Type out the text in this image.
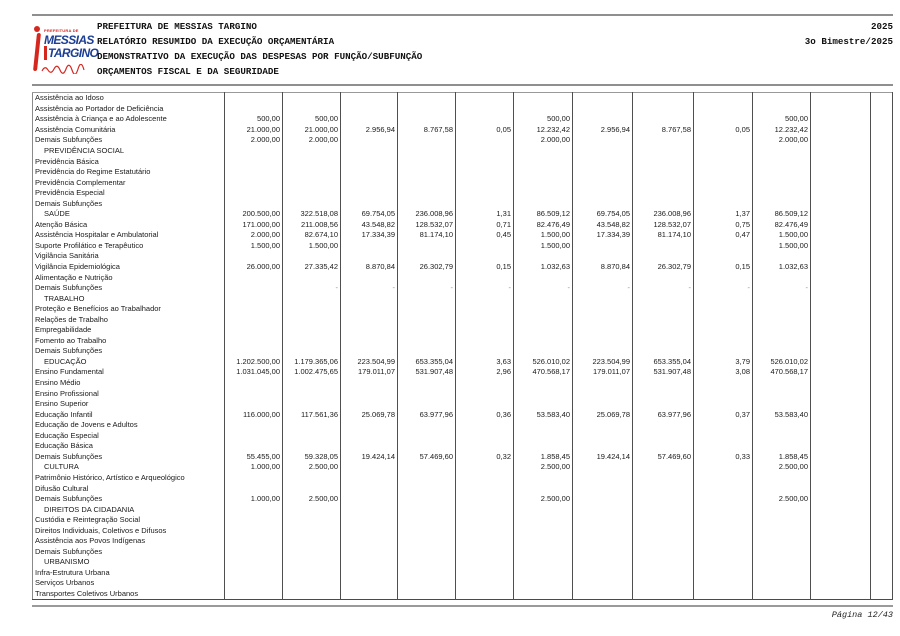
PREFEITURA DE
MESSIAS
TARGINO
PREFEITURA DE MESSIAS TARGINO
RELATÓRIO RESUMIDO DA EXECUÇÃO ORÇAMENTÁRIA
DEMONSTRATIVO DA EXECUÇÃO DAS DESPESAS POR FUNÇÃO/SUBFUNÇÃO
ORÇAMENTOS FISCAL E DA SEGURIDADE
2025
3o Bimestre/2025
Assistência ao Idoso												
Assistência ao Portador de Deficiência												
Assistência à Criança e ao Adolescente	500,00	500,00				500,00				500,00		
Assistência Comunitária	21.000,00	21.000,00	2.956,94	8.767,58	0,05	12.232,42	2.956,94	8.767,58	0,05	12.232,42		
Demais Subfunções	2.000,00	2.000,00				2.000,00				2.000,00		
PREVIDÊNCIA SOCIAL												
Previdência Básica												
Previdência do Regime Estatutário												
Previdência Complementar												
Previdência Especial												
Demais Subfunções												
SAÚDE	200.500,00	322.518,08	69.754,05	236.008,96	1,31	86.509,12	69.754,05	236.008,96	1,37	86.509,12		
Atenção Básica	171.000,00	211.008,56	43.548,82	128.532,07	0,71	82.476,49	43.548,82	128.532,07	0,75	82.476,49		
Assistência Hospitalar e Ambulatorial	2.000,00	82.674,10	17.334,39	81.174,10	0,45	1.500,00	17.334,39	81.174,10	0,47	1.500,00		
Suporte Profilático e Terapêutico	1.500,00	1.500,00				1.500,00				1.500,00		
Vigilância Sanitária												
Vigilância Epidemiológica	26.000,00	27.335,42	8.870,84	26.302,79	0,15	1.032,63	8.870,84	26.302,79	0,15	1.032,63		
Alimentação e Nutrição												
Demais Subfunções		-	-	-	-	-	-	-	-	-		
TRABALHO												
Proteção e Benefícios ao Trabalhador												
Relações de Trabalho												
Empregabilidade												
Fomento ao Trabalho												
Demais Subfunções												
EDUCAÇÃO	1.202.500,00	1.179.365,06	223.504,99	653.355,04	3,63	526.010,02	223.504,99	653.355,04	3,79	526.010,02		
Ensino Fundamental	1.031.045,00	1.002.475,65	179.011,07	531.907,48	2,96	470.568,17	179.011,07	531.907,48	3,08	470.568,17		
Ensino Médio												
Ensino Profissional												
Ensino Superior												
Educação Infantil	116.000,00	117.561,36	25.069,78	63.977,96	0,36	53.583,40	25.069,78	63.977,96	0,37	53.583,40		
Educação de Jovens e Adultos												
Educação Especial												
Educação Básica												
Demais Subfunções	55.455,00	59.328,05	19.424,14	57.469,60	0,32	1.858,45	19.424,14	57.469,60	0,33	1.858,45		
CULTURA	1.000,00	2.500,00				2.500,00				2.500,00		
Patrimônio Histórico, Artístico e Arqueológico												
Difusão Cultural												
Demais Subfunções	1.000,00	2.500,00				2.500,00				2.500,00		
DIREITOS DA CIDADANIA												
Custódia e Reintegração Social												
Direitos Individuais, Coletivos e Difusos												
Assistência aos Povos Indígenas												
Demais Subfunções												
URBANISMO												
Infra-Estrutura Urbana												
Serviços Urbanos												
Transportes Coletivos Urbanos												
Página 12/43
